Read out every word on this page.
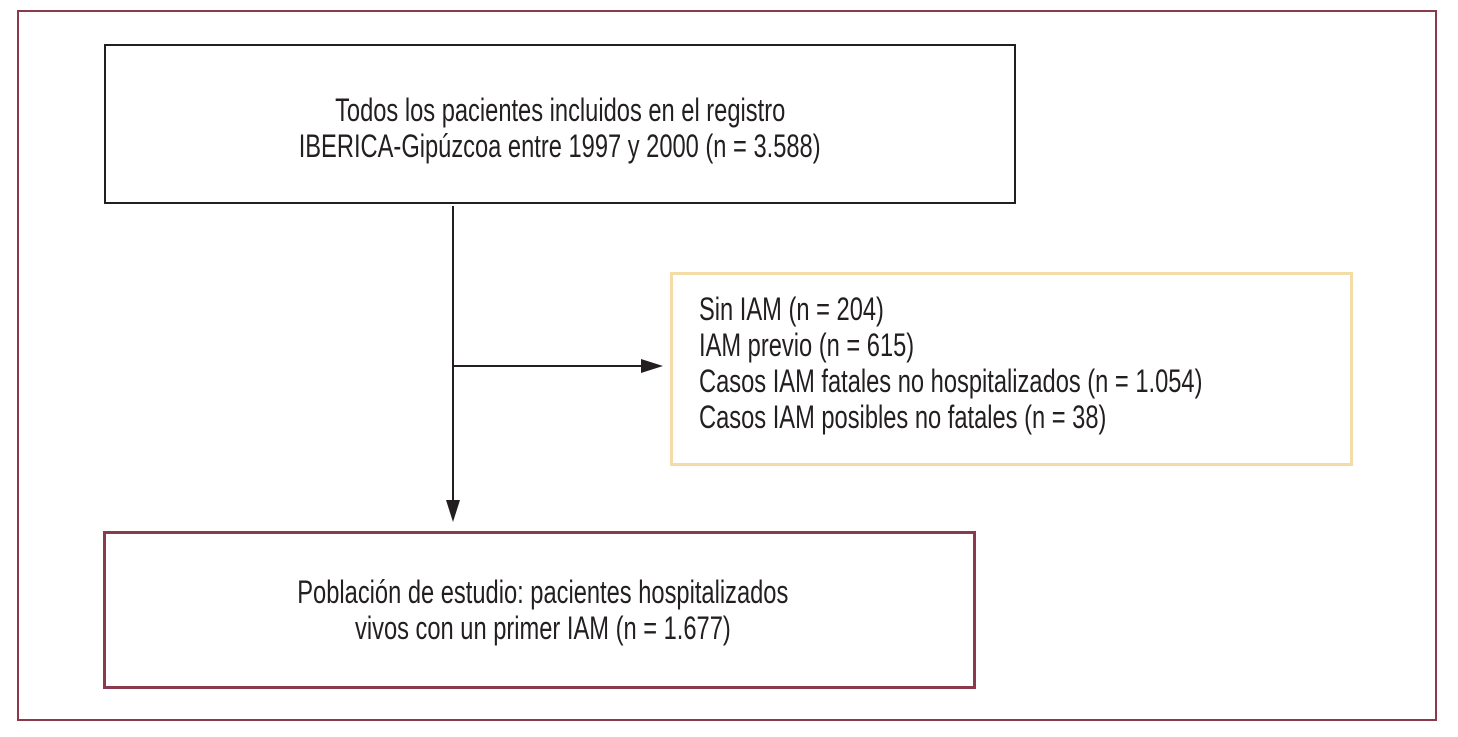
Todos los pacientes incluidos en el registro
IBERICA-Gipúzcoa entre 1997 y 2000 (n = 3.588)
Sin IAM (n = 204)
IAM previo (n = 615)
Casos IAM fatales no hospitalizados (n = 1.054)
Casos IAM posibles no fatales (n = 38)
Población de estudio: pacientes hospitalizados
vivos con un primer IAM (n = 1.677)
